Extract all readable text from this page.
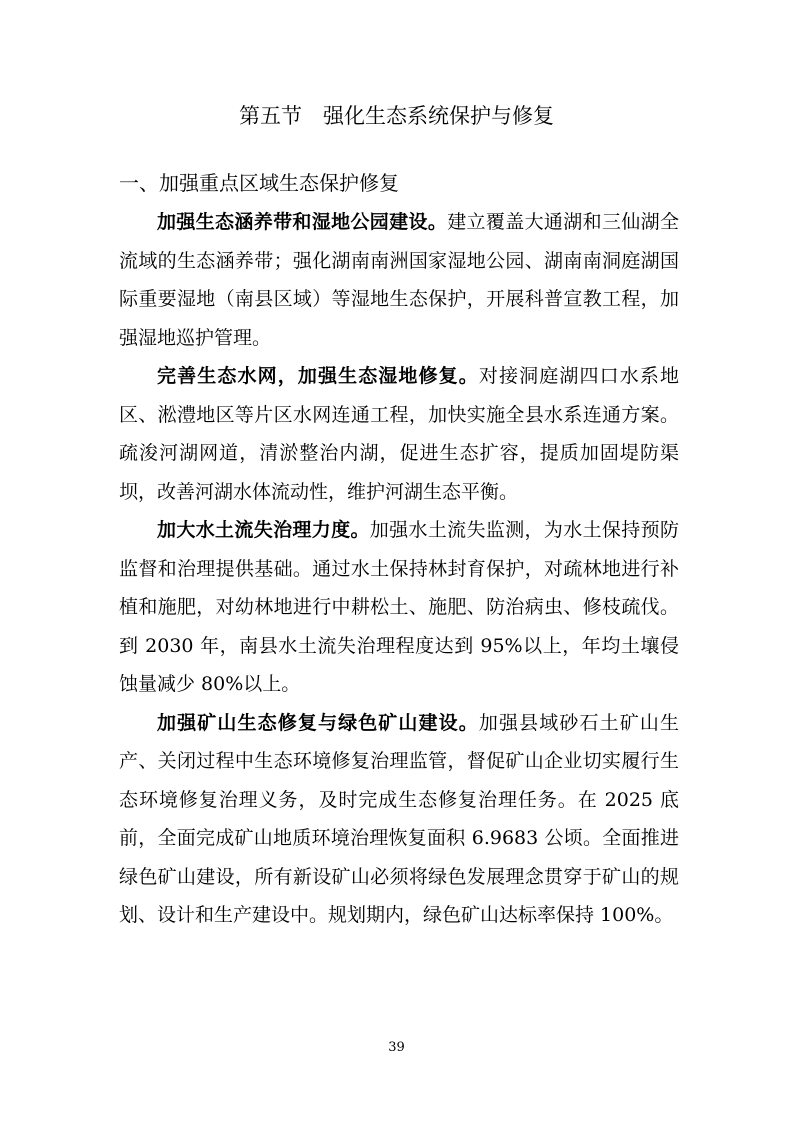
第五节　强化生态系统保护与修复
一、加强重点区域生态保护修复

加强生态涵养带和湿地公园建设。建立覆盖大通湖和三仙湖全流域的生态涵养带；强化湖南南洲国家湿地公园、湖南南洞庭湖国际重要湿地（南县区域）等湿地生态保护，开展科普宣教工程，加强湿地巡护管理。

完善生态水网，加强生态湿地修复。对接洞庭湖四口水系地区、淞澧地区等片区水网连通工程，加快实施全县水系连通方案。疏浚河湖网道，清淤整治内湖，促进生态扩容，提质加固堤防渠坝，改善河湖水体流动性，维护河湖生态平衡。

加大水土流失治理力度。加强水土流失监测，为水土保持预防监督和治理提供基础。通过水土保持林封育保护，对疏林地进行补植和施肥，对幼林地进行中耕松土、施肥、防治病虫、修枝疏伐。到 2030 年，南县水土流失治理程度达到 95%以上，年均土壤侵蚀量减少 80%以上。

加强矿山生态修复与绿色矿山建设。加强县域砂石土矿山生产、关闭过程中生态环境修复治理监管，督促矿山企业切实履行生态环境修复治理义务，及时完成生态修复治理任务。在 2025 底前，全面完成矿山地质环境治理恢复面积 6.9683 公顷。全面推进绿色矿山建设，所有新设矿山必须将绿色发展理念贯穿于矿山的规划、设计和生产建设中。规划期内，绿色矿山达标率保持 100%。

39
